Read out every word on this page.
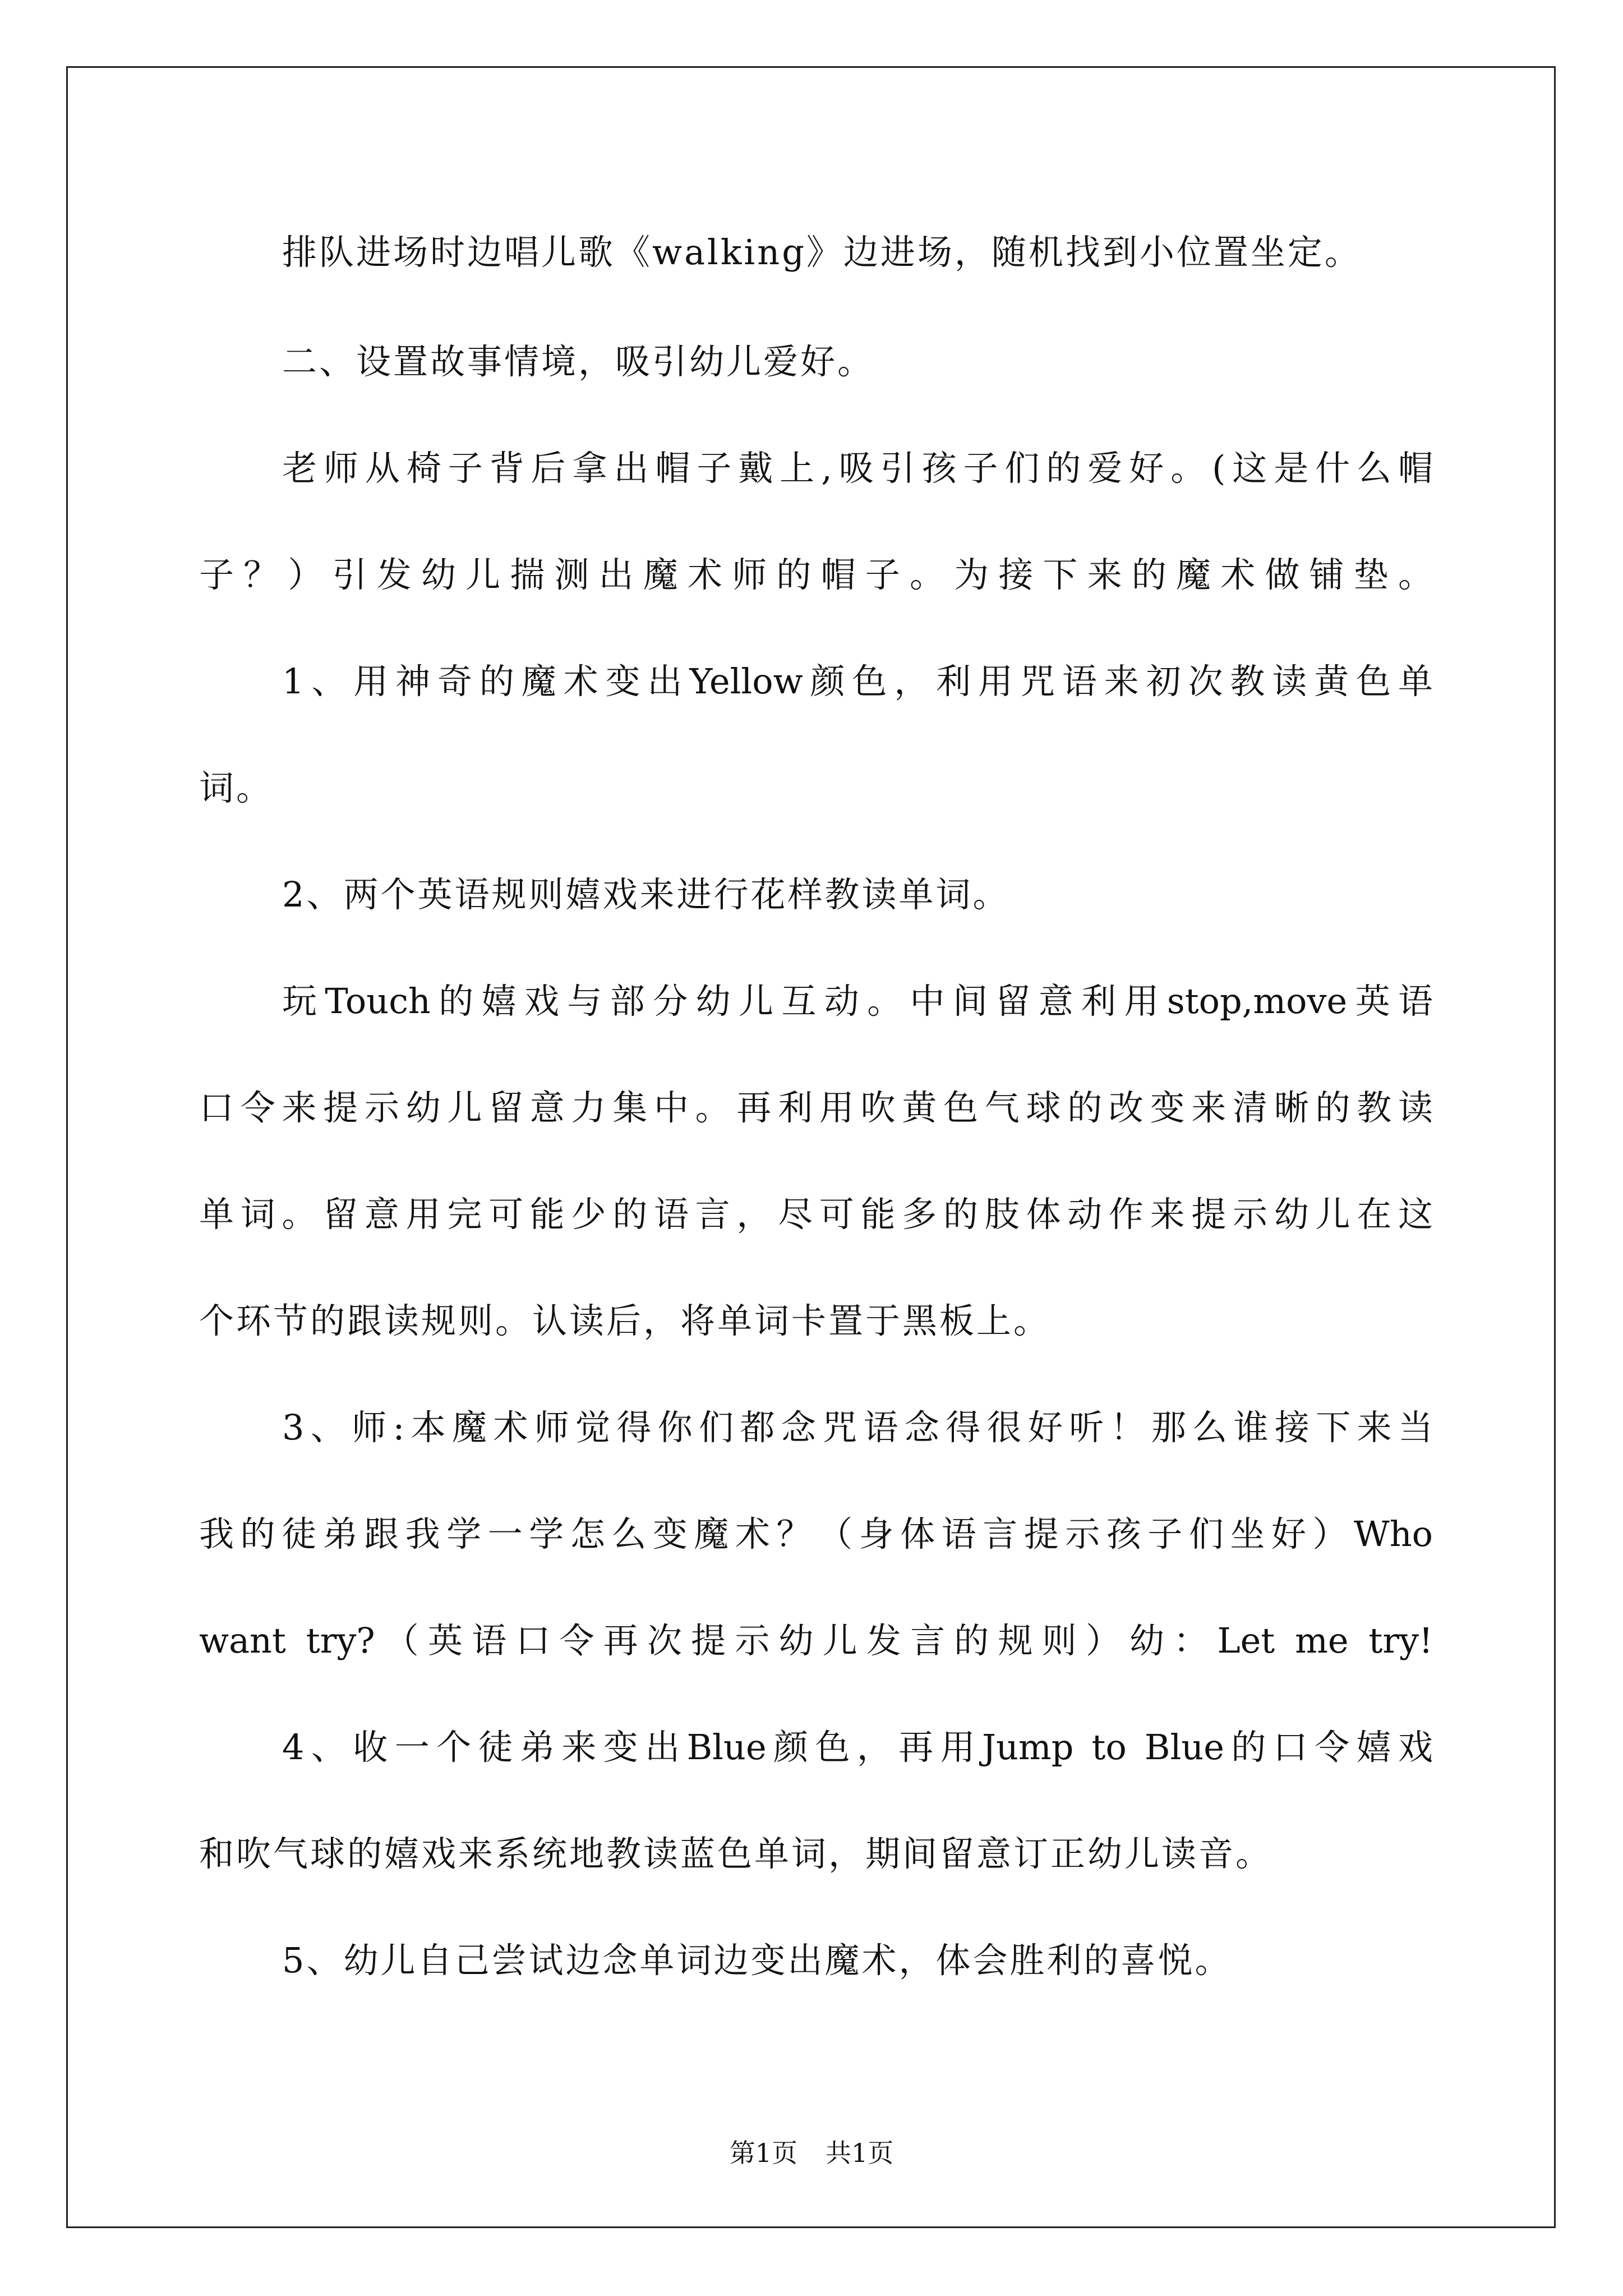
排队进场时边唱儿歌《walking》边进场，随机找到小位置坐定。
二、设置故事情境，吸引幼儿爱好。
老师从椅子背后拿出帽子戴上,吸引孩子们的爱好。(这是什么帽
子？）引发幼儿揣测出魔术师的帽子。为接下来的魔术做铺垫。
1、用神奇的魔术变出Yellow颜色，利用咒语来初次教读黄色单
词。
2、两个英语规则嬉戏来进行花样教读单词。
玩Touch的嬉戏与部分幼儿互动。中间留意利用stop,move英语
口令来提示幼儿留意力集中。再利用吹黄色气球的改变来清晰的教读
单词。留意用完可能少的语言，尽可能多的肢体动作来提示幼儿在这
个环节的跟读规则。认读后，将单词卡置于黑板上。
3、师:本魔术师觉得你们都念咒语念得很好听！那么谁接下来当
我的徒弟跟我学一学怎么变魔术？（身体语言提示孩子们坐好）Who
want try?（英语口令再次提示幼儿发言的规则）幼：Let me try!
4、收一个徒弟来变出Blue颜色，再用Jump to Blue的口令嬉戏
和吹气球的嬉戏来系统地教读蓝色单词，期间留意订正幼儿读音。
5、幼儿自己尝试边念单词边变出魔术，体会胜利的喜悦。
第1页 共1页
